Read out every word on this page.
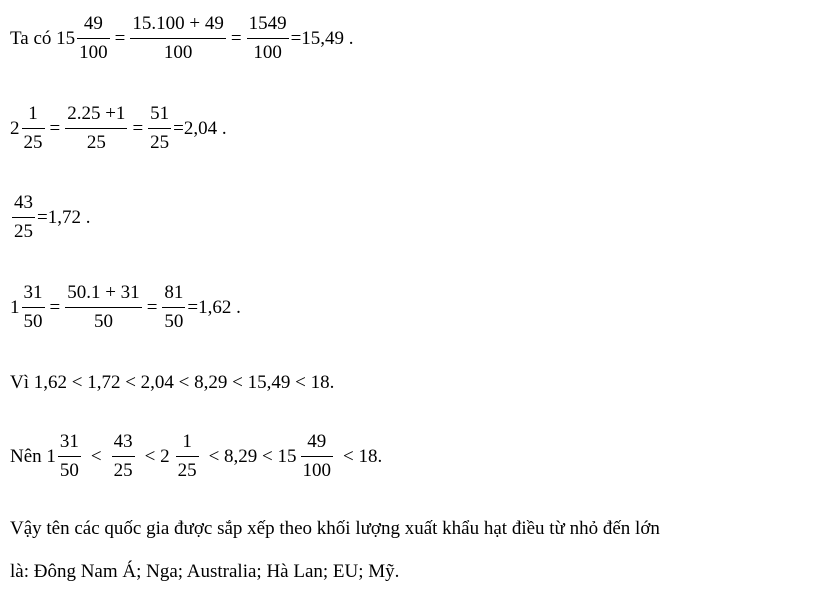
Ta có $15 \frac{49}{100} = \frac{15.100 + 49}{100} = \frac{1549}{100} =15,49$ .
$2 \frac{1}{25} = \frac{2.25 +1}{25} = \frac{51}{25} =2,04$ .
$\frac{43}{25} =1,72$ .
$1 \frac{31}{50} = \frac{50.1 + 31}{50} = \frac{81}{50} =1,62$ .
Vì 1,62 < 1,72 < 2,04 < 8,29 < 15,49 < 18.
Nên $1 \frac{31}{50} < \frac{43}{25} < 2 \frac{1}{25} < 8,29 < 15 \frac{49}{100} < 18$.
Vậy tên các quốc gia được sắp xếp theo khối lượng xuất khẩu hạt điều từ nhỏ đến lớn
là: Đông Nam Á; Nga; Australia; Hà Lan; EU; Mỹ.
